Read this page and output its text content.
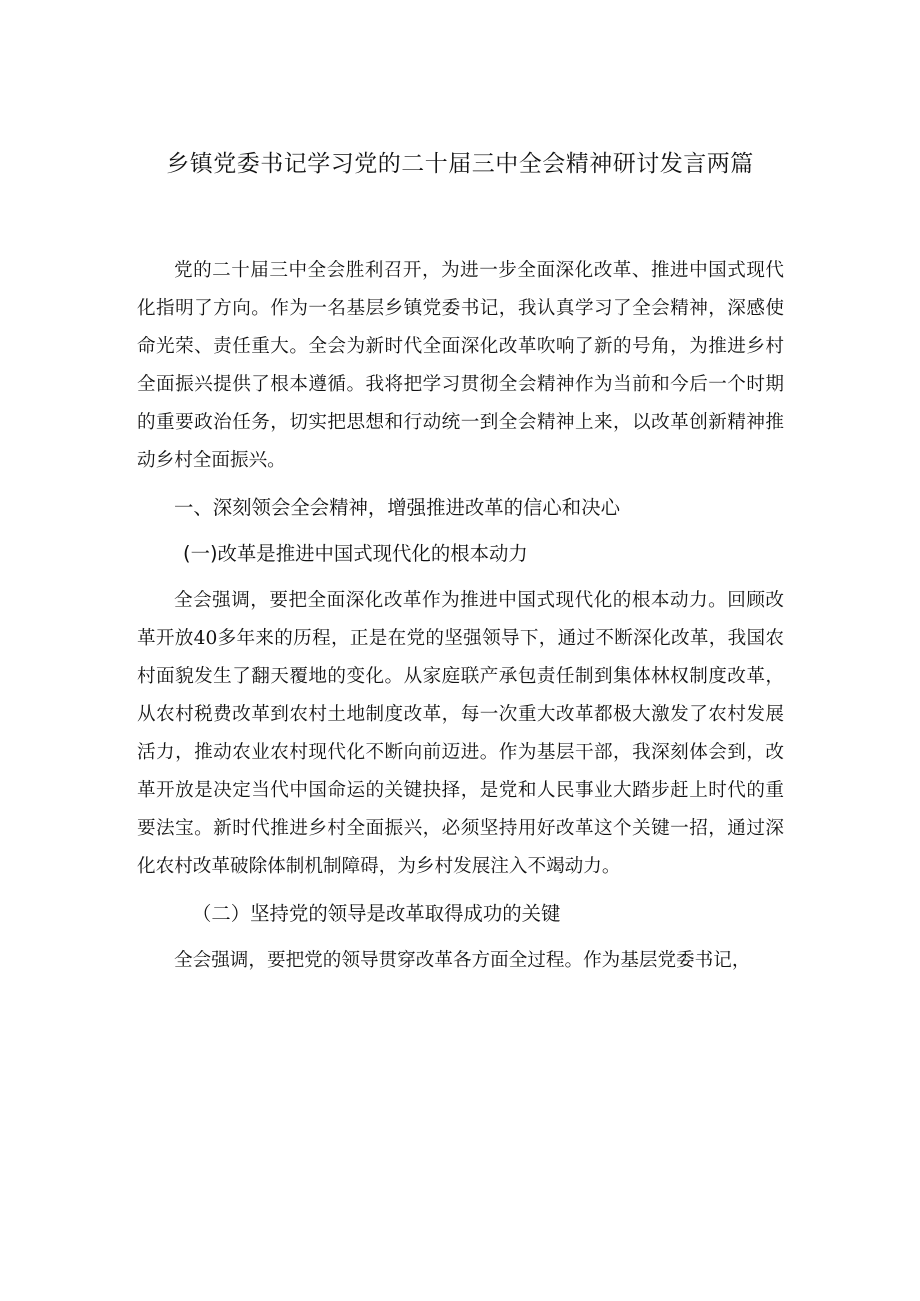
乡镇党委书记学习党的二十届三中全会精神研讨发言两篇

党的二十届三中全会胜利召开，为进一步全面深化改革、推进中国式现代化指明了方向。作为一名基层乡镇党委书记，我认真学习了全会精神，深感使命光荣、责任重大。全会为新时代全面深化改革吹响了新的号角，为推进乡村全面振兴提供了根本遵循。我将把学习贯彻全会精神作为当前和今后一个时期的重要政治任务，切实把思想和行动统一到全会精神上来，以改革创新精神推动乡村全面振兴。

一、深刻领会全会精神，增强推进改革的信心和决心
(一)改革是推进中国式现代化的根本动力

全会强调，要把全面深化改革作为推进中国式现代化的根本动力。回顾改革开放40多年来的历程，正是在党的坚强领导下，通过不断深化改革，我国农村面貌发生了翻天覆地的变化。从家庭联产承包责任制到集体林权制度改革，从农村税费改革到农村土地制度改革，每一次重大改革都极大激发了农村发展活力，推动农业农村现代化不断向前迈进。作为基层干部，我深刻体会到，改革开放是决定当代中国命运的关键抉择，是党和人民事业大踏步赶上时代的重要法宝。新时代推进乡村全面振兴，必须坚持用好改革这个关键一招，通过深化农村改革破除体制机制障碍，为乡村发展注入不竭动力。

（二）坚持党的领导是改革取得成功的关键

全会强调，要把党的领导贯穿改革各方面全过程。作为基层党委书记，
